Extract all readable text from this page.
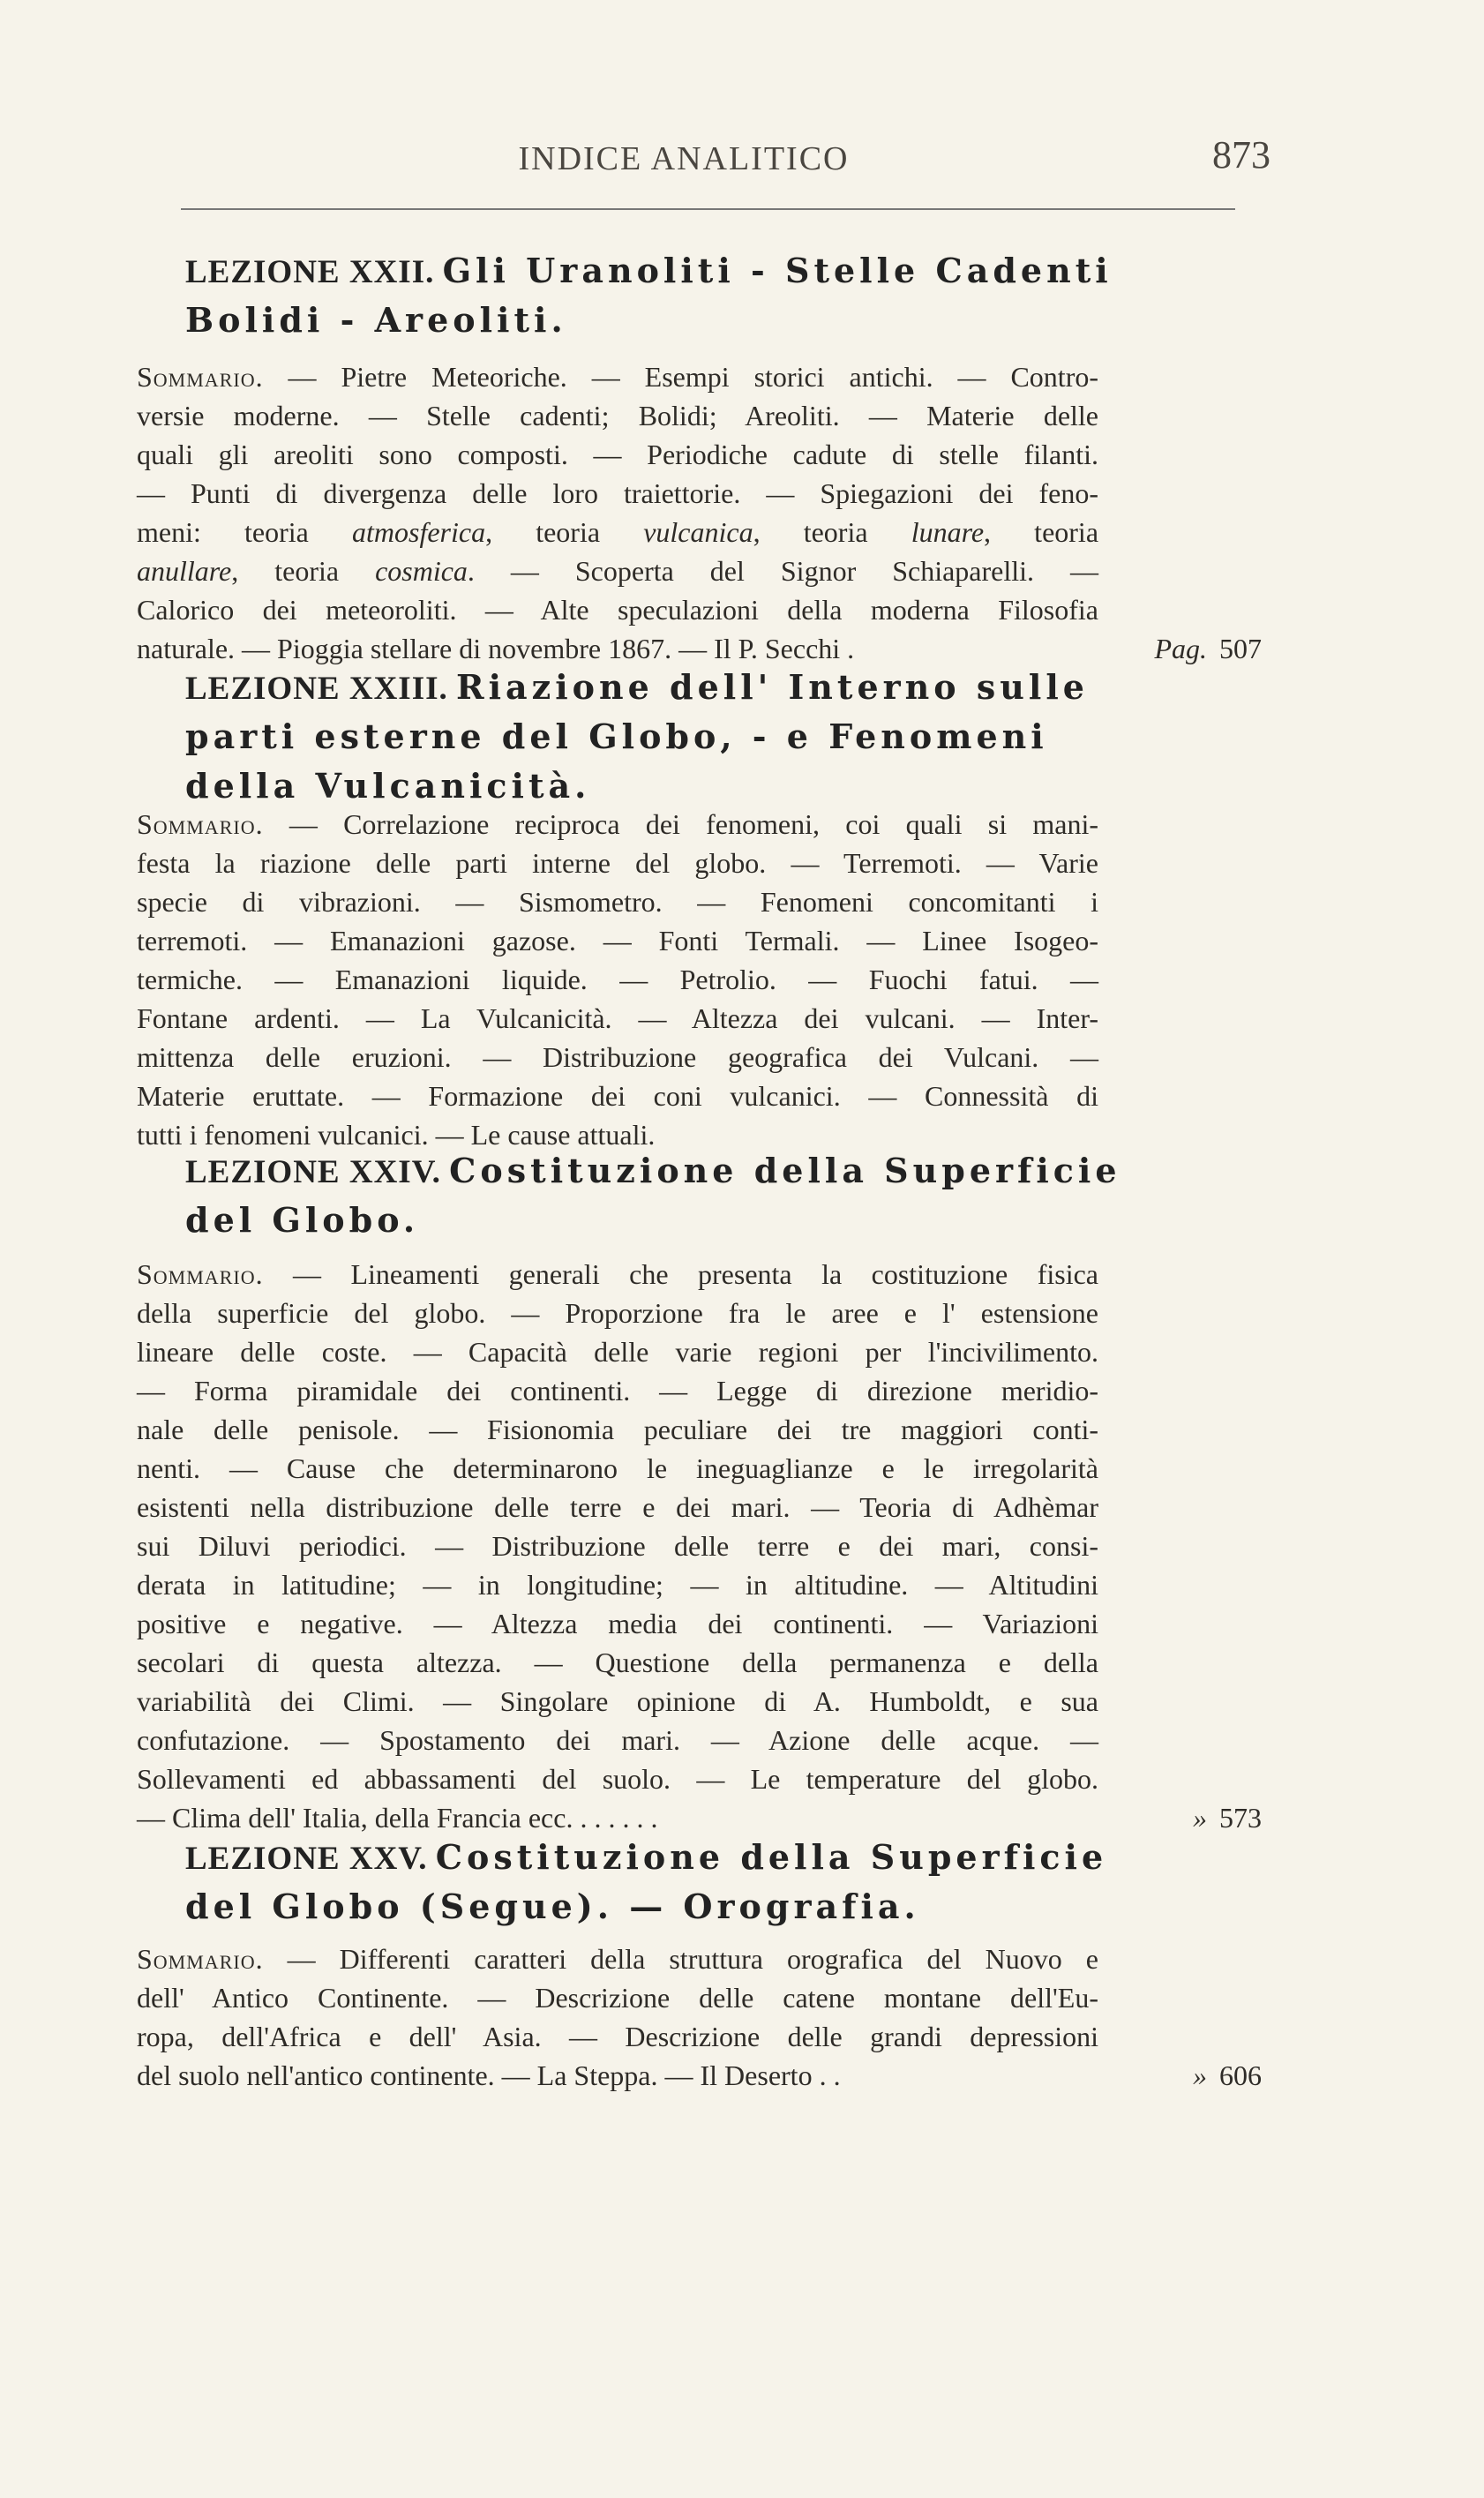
INDICE ANALITICO	873
LEZIONE XXII. Gli Uranoliti - Stelle Cadenti
Bolidi - Areoliti.
Sommario. — Pietre Meteoriche. — Esempi storici antichi. — Contro-
versie moderne. — Stelle cadenti; Bolidi; Areoliti. — Materie delle
quali gli areoliti sono composti. — Periodiche cadute di stelle filanti.
— Punti di divergenza delle loro traiettorie. — Spiegazioni dei feno-
meni: teoria atmosferica, teoria vulcanica, teoria lunare, teoria
anullare, teoria cosmica. — Scoperta del Signor Schiaparelli. —
Calorico dei meteoroliti. — Alte speculazioni della moderna Filosofia
naturale. — Pioggia stellare di novembre 1867. — Il P. Secchi .	Pag. 507
LEZIONE XXIII. Riazione dell' Interno sulle
parti esterne del Globo, - e Fenomeni
della Vulcanicità.
Sommario. — Correlazione reciproca dei fenomeni, coi quali si mani-
festa la riazione delle parti interne del globo. — Terremoti. — Varie
specie di vibrazioni. — Sismometro. — Fenomeni concomitanti i
terremoti. — Emanazioni gazose. — Fonti Termali. — Linee Isogeo-
termiche. — Emanazioni liquide. — Petrolio. — Fuochi fatui. —
Fontane ardenti. — La Vulcanicità. — Altezza dei vulcani. — Inter-
mittenza delle eruzioni. — Distribuzione geografica dei Vulcani. —
Materie eruttate. — Formazione dei coni vulcanici. — Connessità di
tutti i fenomeni vulcanici. — Le cause attuali.
LEZIONE XXIV. Costituzione della Superficie
del Globo.
Sommario. — Lineamenti generali che presenta la costituzione fisica
della superficie del globo. — Proporzione fra le aree e l' estensione
lineare delle coste. — Capacità delle varie regioni per l'incivilimento.
— Forma piramidale dei continenti. — Legge di direzione meridio-
nale delle penisole. — Fisionomia peculiare dei tre maggiori conti-
nenti. — Cause che determinarono le ineguaglianze e le irregolarità
esistenti nella distribuzione delle terre e dei mari. — Teoria di Adhèmar
sui Diluvi periodici. — Distribuzione delle terre e dei mari, consi-
derata in latitudine; — in longitudine; — in altitudine. — Altitudini
positive e negative. — Altezza media dei continenti. — Variazioni
secolari di questa altezza. — Questione della permanenza e della
variabilità dei Climi. — Singolare opinione di A. Humboldt, e sua
confutazione. — Spostamento dei mari. — Azione delle acque. —
Sollevamenti ed abbassamenti del suolo. — Le temperature del globo.
— Clima dell' Italia, della Francia ecc. . . . . . .	» 573
LEZIONE XXV. Costituzione della Superficie
del Globo (Segue). — Orografia.
Sommario. — Differenti caratteri della struttura orografica del Nuovo e
dell' Antico Continente. — Descrizione delle catene montane dell'Eu-
ropa, dell'Africa e dell' Asia. — Descrizione delle grandi depressioni
del suolo nell'antico continente. — La Steppa. — Il Deserto . .	» 606
